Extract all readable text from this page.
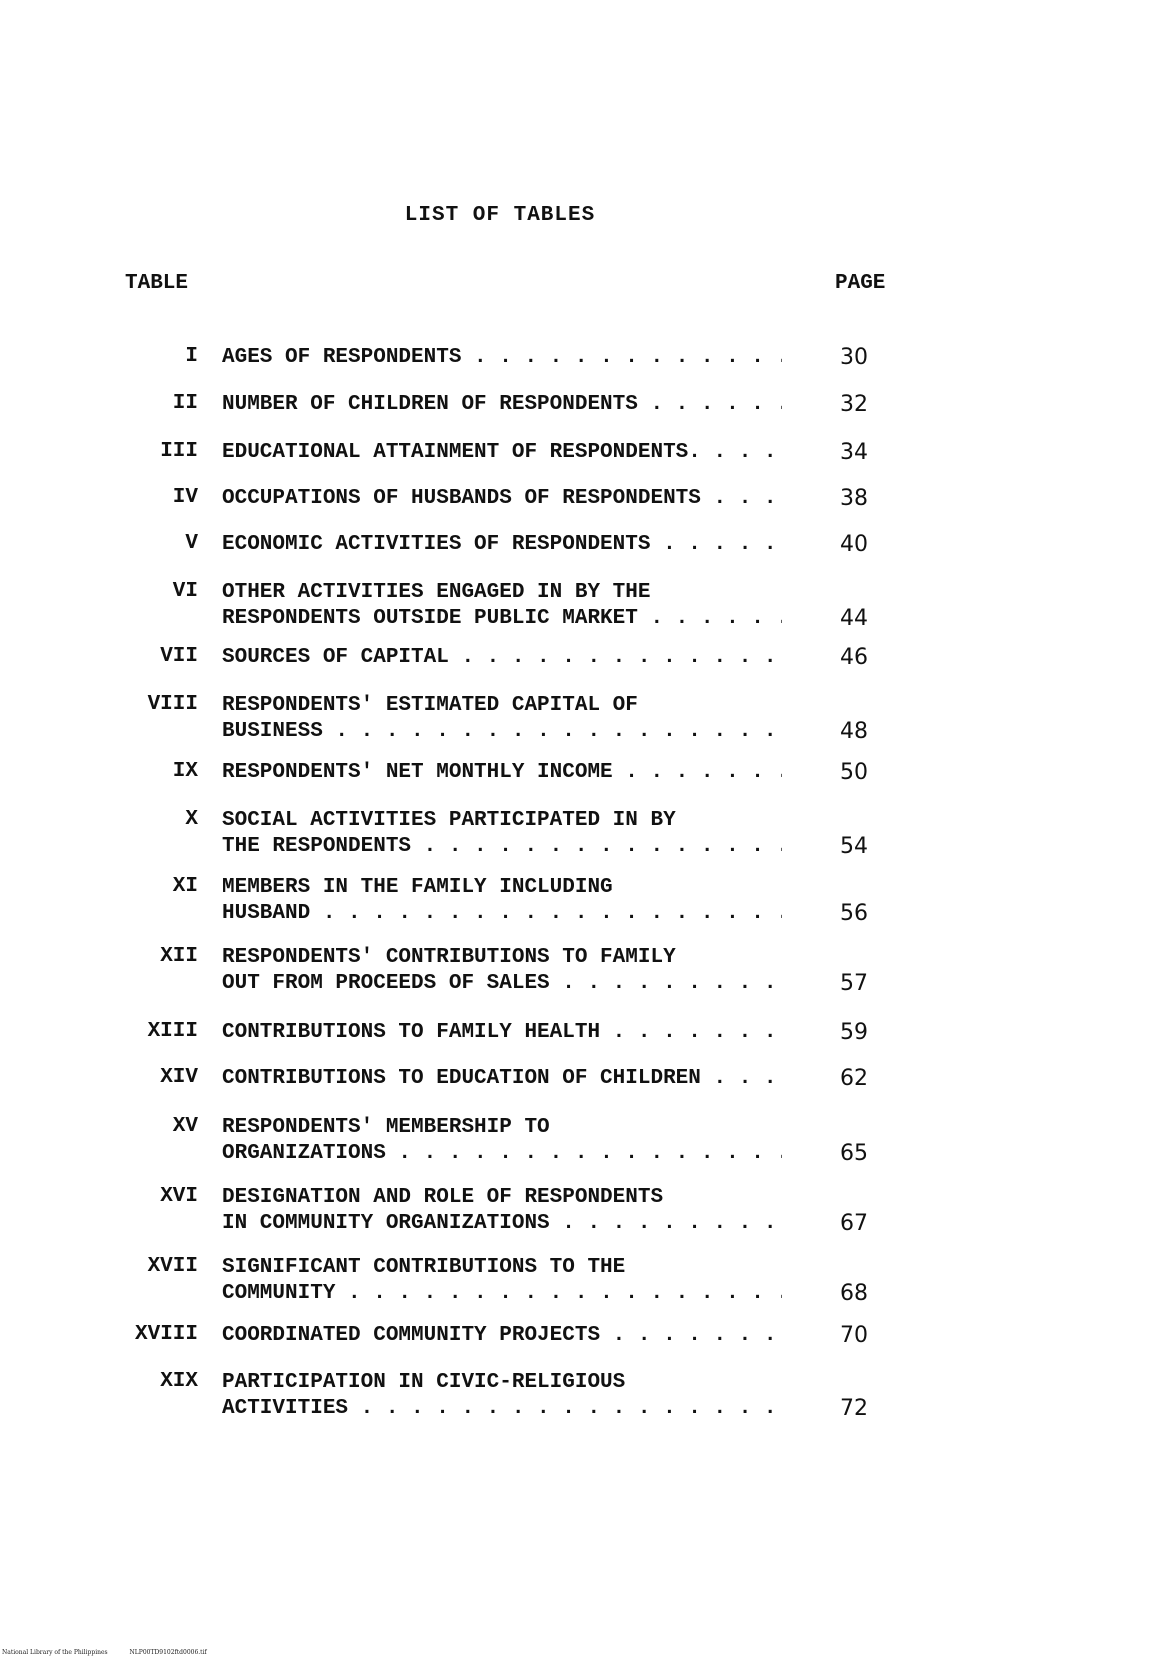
LIST OF TABLES
TABLE	PAGE
I AGES OF RESPONDENTS . . .	30
II NUMBER OF CHILDREN OF RESPONDENTS . . .	32
III EDUCATIONAL ATTAINMENT OF RESPONDENTS. . . .	34
IV OCCUPATIONS OF HUSBANDS OF RESPONDENTS . . .	38
V ECONOMIC ACTIVITIES OF RESPONDENTS . . .	40
VI OTHER ACTIVITIES ENGAGED IN BY THE
RESPONDENTS OUTSIDE PUBLIC MARKET . . .	44
VII SOURCES OF CAPITAL . . .	46
VIII RESPONDENTS' ESTIMATED CAPITAL OF
BUSINESS . . .	48
IX RESPONDENTS' NET MONTHLY INCOME . . .	50
X SOCIAL ACTIVITIES PARTICIPATED IN BY
THE RESPONDENTS . . .	54
XI MEMBERS IN THE FAMILY INCLUDING
HUSBAND . . .	56
XII RESPONDENTS' CONTRIBUTIONS TO FAMILY
OUT FROM PROCEEDS OF SALES . . .	57
XIII CONTRIBUTIONS TO FAMILY HEALTH . . .	59
XIV CONTRIBUTIONS TO EDUCATION OF CHILDREN . . .	62
XV RESPONDENTS' MEMBERSHIP TO
ORGANIZATIONS . . .	65
XVI DESIGNATION AND ROLE OF RESPONDENTS
IN COMMUNITY ORGANIZATIONS . . .	67
XVII SIGNIFICANT CONTRIBUTIONS TO THE
COMMUNITY . . .	68
XVIII COORDINATED COMMUNITY PROJECTS . . .	70
XIX PARTICIPATION IN CIVIC-RELIGIOUS
ACTIVITIES . . .	72
National Library of the Philippines	NLP00TD9102ftd0006.tif
